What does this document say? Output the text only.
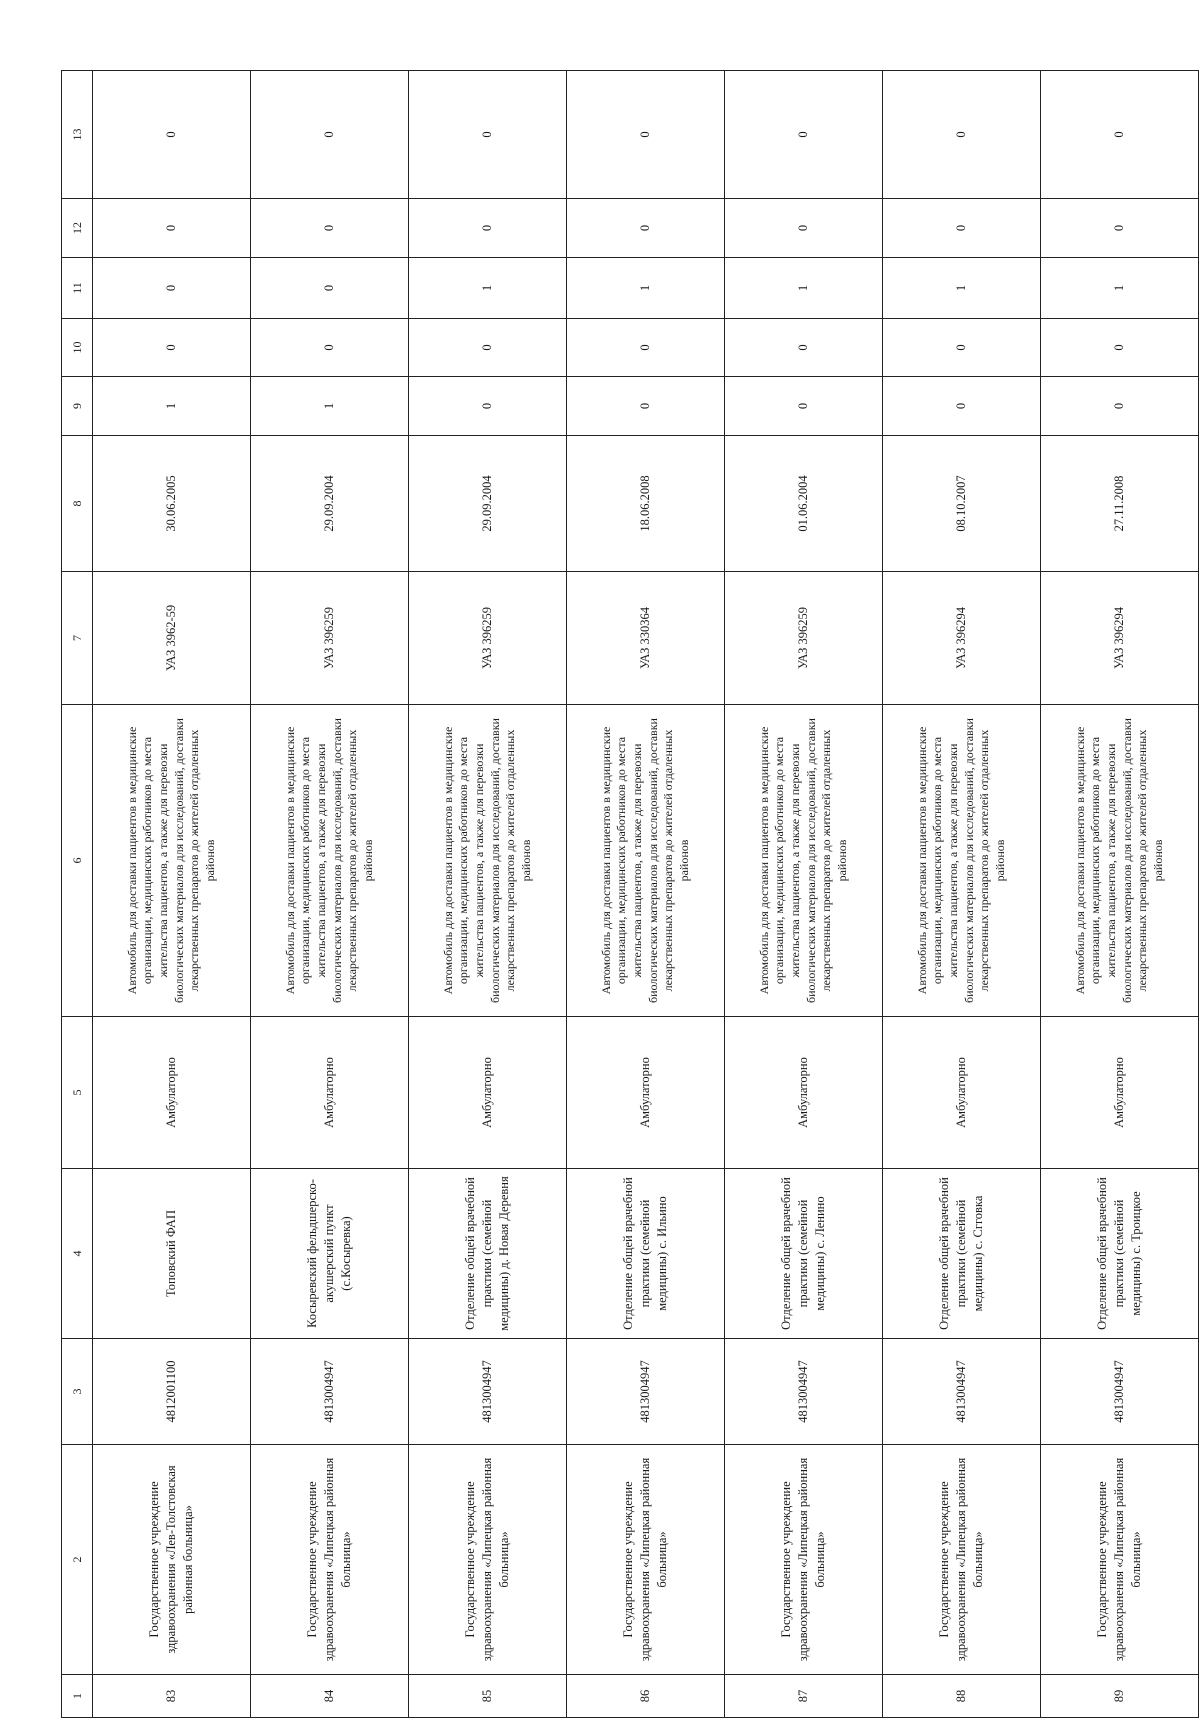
1	2	3	4	5	6	7	8	9	10	11	12	13
83	Государственное учреждение здравоохранения «Лев-Толстовская районная больница»	4812001100	Топовский ФАП	Амбулаторно	Автомобиль для доставки пациентов в медицинские организации, медицинских работников до места жительства пациентов, а также для перевозки биологических материалов для исследований, доставки лекарственных препаратов до жителей отдаленных районов	УАЗ 3962-59	30.06.2005	1	0	0	0	0
84	Государственное учреждение здравоохранения «Липецкая районная больница»	4813004947	Косыревский фельдшерско-акушерский пункт (с.Косыревка)	Амбулаторно	Автомобиль для доставки пациентов в медицинские организации, медицинских работников до места жительства пациентов, а также для перевозки биологических материалов для исследований, доставки лекарственных препаратов до жителей отдаленных районов	УАЗ 396259	29.09.2004	1	0	0	0	0
85	Государственное учреждение здравоохранения «Липецкая районная больница»	4813004947	Отделение общей врачебной практики (семейной медицины) д. Новая Деревня	Амбулаторно	Автомобиль для доставки пациентов в медицинские организации, медицинских работников до места жительства пациентов, а также для перевозки биологических материалов для исследований, доставки лекарственных препаратов до жителей отдаленных районов	УАЗ 396259	29.09.2004	0	0	1	0	0
86	Государственное учреждение здравоохранения «Липецкая районная больница»	4813004947	Отделение общей врачебной практики (семейной медицины) с. Ильино	Амбулаторно	Автомобиль для доставки пациентов в медицинские организации, медицинских работников до места жительства пациентов, а также для перевозки биологических материалов для исследований, доставки лекарственных препаратов до жителей отдаленных районов	УАЗ 330364	18.06.2008	0	0	1	0	0
87	Государственное учреждение здравоохранения «Липецкая районная больница»	4813004947	Отделение общей врачебной практики (семейной медицины) с. Ленино	Амбулаторно	Автомобиль для доставки пациентов в медицинские организации, медицинских работников до места жительства пациентов, а также для перевозки биологических материалов для исследований, доставки лекарственных препаратов до жителей отдаленных районов	УАЗ 396259	01.06.2004	0	0	1	0	0
88	Государственное учреждение здравоохранения «Липецкая районная больница»	4813004947	Отделение общей врачебной практики (семейной медицины) с. Сгговка	Амбулаторно	Автомобиль для доставки пациентов в медицинские организации, медицинских работников до места жительства пациентов, а также для перевозки биологических материалов для исследований, доставки лекарственных препаратов до жителей отдаленных районов	УАЗ 396294	08.10.2007	0	0	1	0	0
89	Государственное учреждение здравоохранения «Липецкая районная больница»	4813004947	Отделение общей врачебной практики (семейной медицины) с. Троицкое	Амбулаторно	Автомобиль для доставки пациентов в медицинские организации, медицинских работников до места жительства пациентов, а также для перевозки биологических материалов для исследований, доставки лекарственных препаратов до жителей отдаленных районов	УАЗ 396294	27.11.2008	0	0	1	0	0
